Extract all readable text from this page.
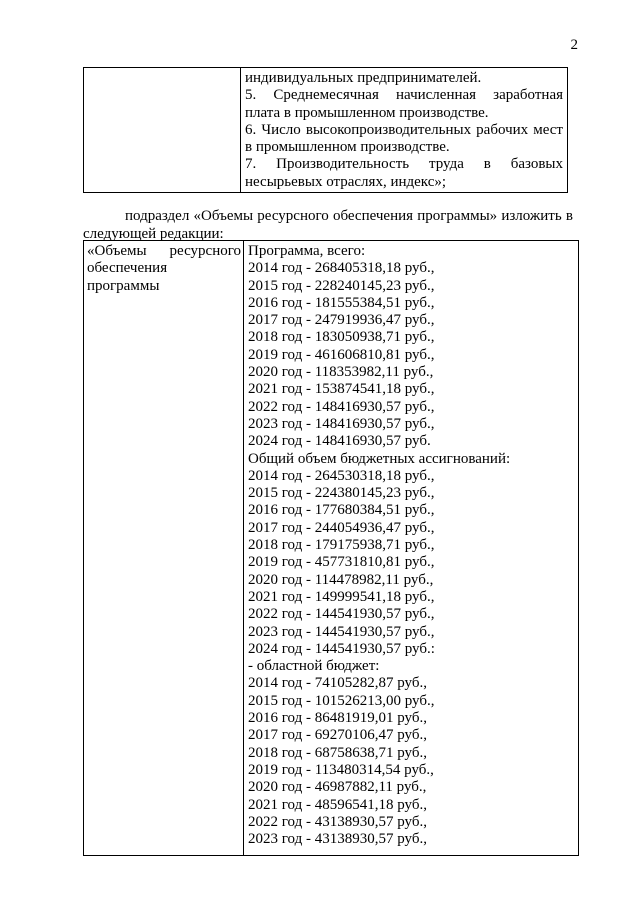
2

индивидуальных предпринимателей.
5. Среднемесячная начисленная заработная
плата в промышленном производстве.
6. Число высокопроизводительных рабочих мест
в промышленном производстве.
7. Производительность труда в базовых
несырьевых отраслях, индекс»;
подраздел «Объемы ресурсного обеспечения программы» изложить в следующей редакции:
«Объемы ресурсного
обеспечения
программы

Программа, всего:
2014 год - 268405318,18 руб.,
2015 год - 228240145,23 руб.,
2016 год - 181555384,51 руб.,
2017 год - 247919936,47 руб.,
2018 год - 183050938,71 руб.,
2019 год - 461606810,81 руб.,
2020 год - 118353982,11 руб.,
2021 год - 153874541,18 руб.,
2022 год - 148416930,57 руб.,
2023 год - 148416930,57 руб.,
2024 год - 148416930,57 руб.
Общий объем бюджетных ассигнований:
2014 год - 264530318,18 руб.,
2015 год - 224380145,23 руб.,
2016 год - 177680384,51 руб.,
2017 год - 244054936,47 руб.,
2018 год - 179175938,71 руб.,
2019 год - 457731810,81 руб.,
2020 год - 114478982,11 руб.,
2021 год - 149999541,18 руб.,
2022 год - 144541930,57 руб.,
2023 год - 144541930,57 руб.,
2024 год - 144541930,57 руб.:
- областной бюджет:
2014 год - 74105282,87 руб.,
2015 год - 101526213,00 руб.,
2016 год - 86481919,01 руб.,
2017 год - 69270106,47 руб.,
2018 год - 68758638,71 руб.,
2019 год - 113480314,54 руб.,
2020 год - 46987882,11 руб.,
2021 год - 48596541,18 руб.,
2022 год - 43138930,57 руб.,
2023 год - 43138930,57 руб.,
